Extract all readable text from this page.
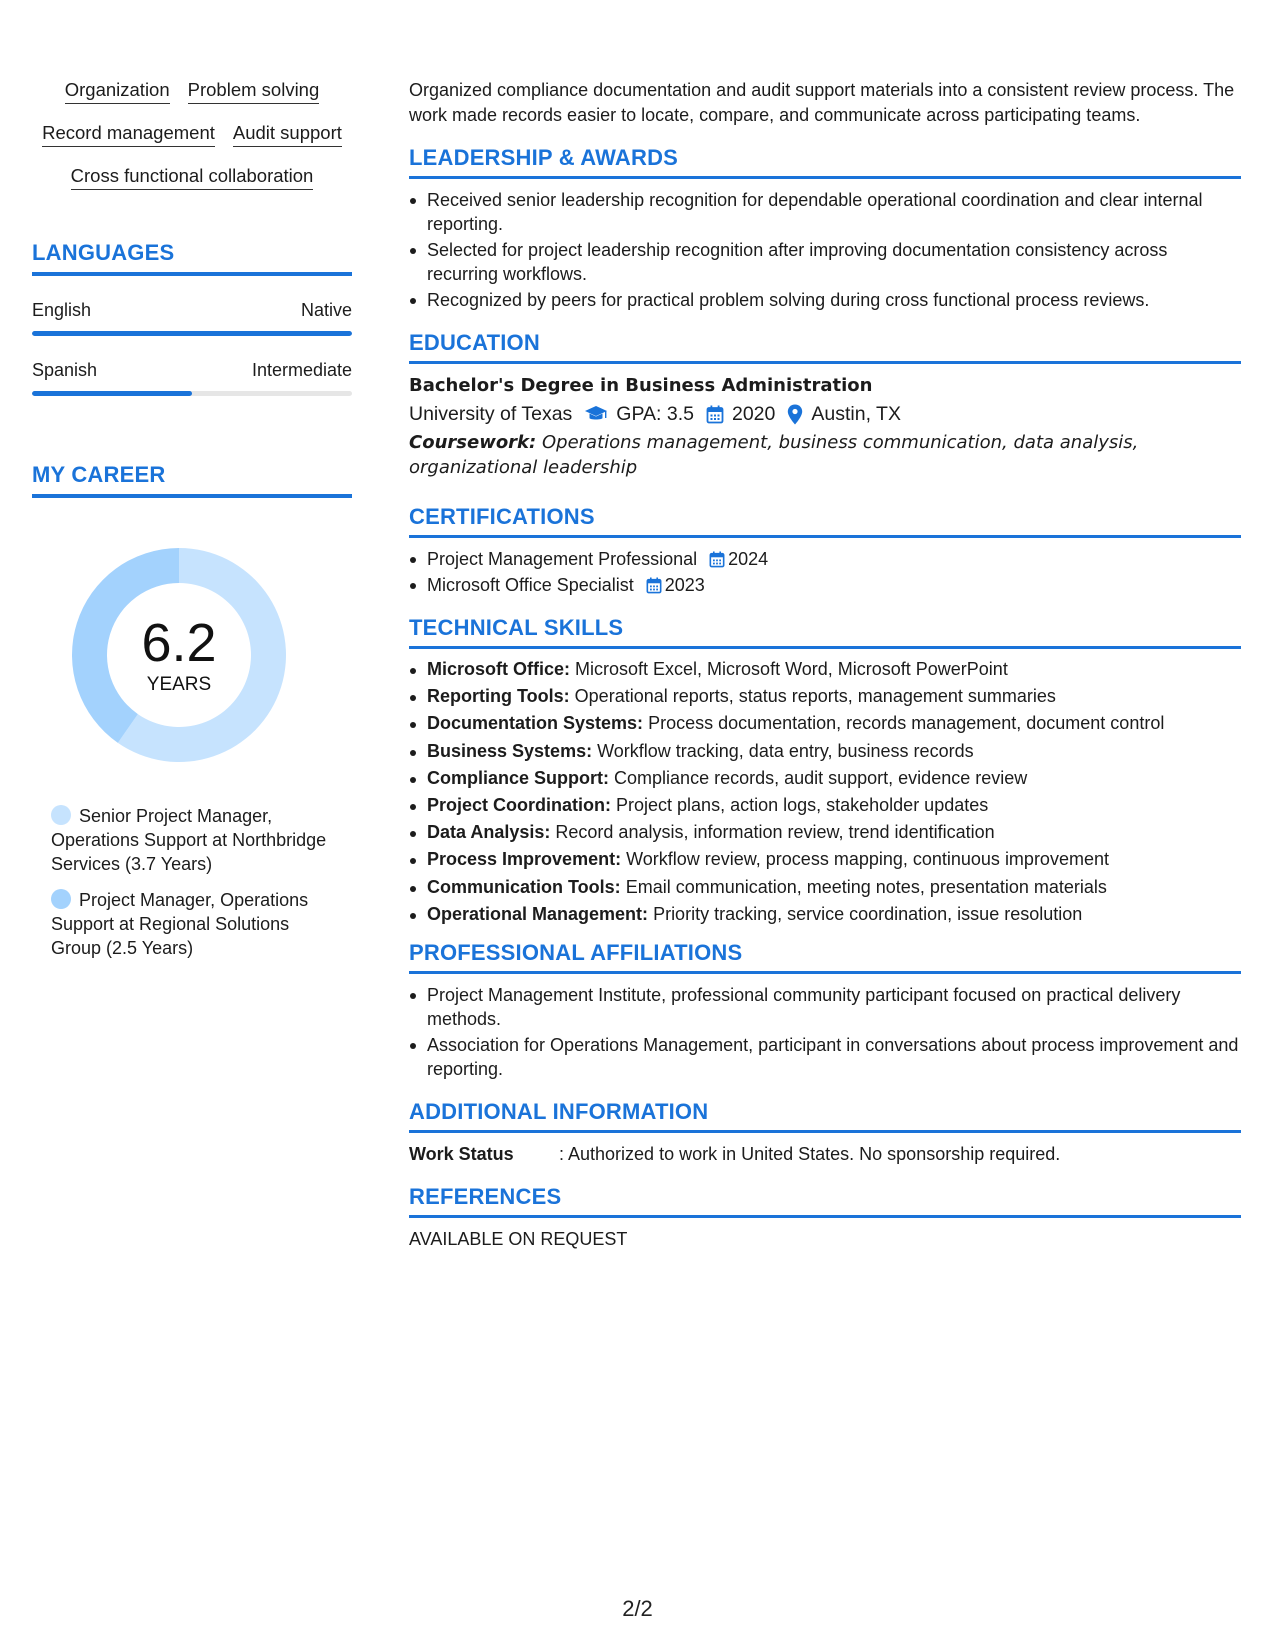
Organization Problem solving
Record management Audit support
Cross functional collaboration
LANGUAGES
English	Native
Spanish	Intermediate
MY CAREER
6.2
YEARS
Senior Project Manager, Operations Support at Northbridge Services (3.7 Years)
Project Manager, Operations Support at Regional Solutions Group (2.5 Years)

Organized compliance documentation and audit support materials into a consistent review process. The work made records easier to locate, compare, and communicate across participating teams.

LEADERSHIP & AWARDS
Received senior leadership recognition for dependable operational coordination and clear internal reporting.
Selected for project leadership recognition after improving documentation consistency across recurring workflows.
Recognized by peers for practical problem solving during cross functional process reviews.
EDUCATION
Bachelor's Degree in Business Administration
University of Texas GPA: 3.5 2020 Austin, TX
Coursework: Operations management, business communication, data analysis, organizational leadership
CERTIFICATIONS
Project Management Professional 2024
Microsoft Office Specialist 2023
TECHNICAL SKILLS
Microsoft Office: Microsoft Excel, Microsoft Word, Microsoft PowerPoint
Reporting Tools: Operational reports, status reports, management summaries
Documentation Systems: Process documentation, records management, document control
Business Systems: Workflow tracking, data entry, business records
Compliance Support: Compliance records, audit support, evidence review
Project Coordination: Project plans, action logs, stakeholder updates
Data Analysis: Record analysis, information review, trend identification
Process Improvement: Workflow review, process mapping, continuous improvement
Communication Tools: Email communication, meeting notes, presentation materials
Operational Management: Priority tracking, service coordination, issue resolution
PROFESSIONAL AFFILIATIONS
Project Management Institute, professional community participant focused on practical delivery methods.
Association for Operations Management, participant in conversations about process improvement and reporting.
ADDITIONAL INFORMATION
Work Status	: Authorized to work in United States. No sponsorship required.
REFERENCES
AVAILABLE ON REQUEST
2/2
